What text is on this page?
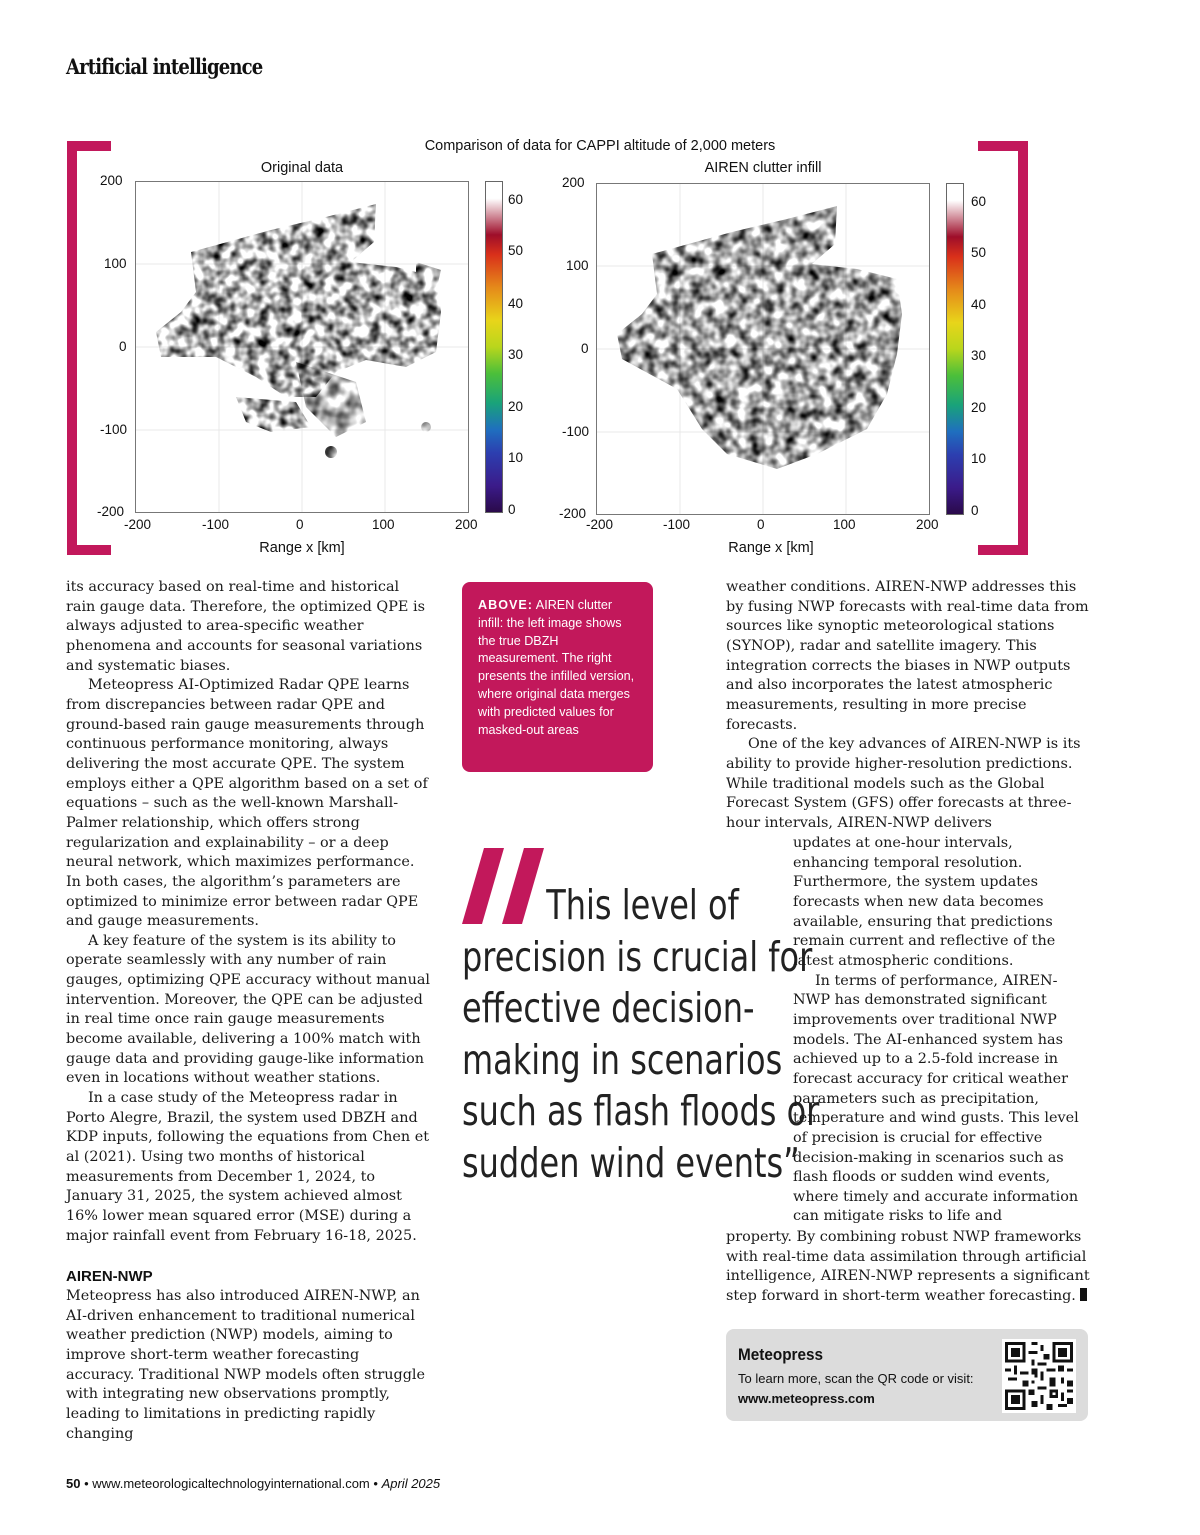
Artificial intelligence
Comparison of data for CAPPI altitude of 2,000 meters
Original data
200
100
0
-100
-200
-200	-100	0	100	200
Range x [km]
60
50
40
30
20
10
0
AIREN clutter infill
200
100
0
-100
-200
-200	-100	0	100	200
Range x [km]
60
50
40
30
20
10
0

its accuracy based on real-time and historical rain gauge data. Therefore, the optimized QPE is always adjusted to area-specific weather phenomena and accounts for seasonal variations and systematic biases.

Meteopress AI-Optimized Radar QPE learns from discrepancies between radar QPE and ground-based rain gauge measurements through continuous performance monitoring, always delivering the most accurate QPE. The system employs either a QPE algorithm based on a set of equations – such as the well-known Marshall-Palmer relationship, which offers strong regularization and explainability – or a deep neural network, which maximizes performance. In both cases, the algorithm’s parameters are optimized to minimize error between radar QPE and gauge measurements.

A key feature of the system is its ability to operate seamlessly with any number of rain gauges, optimizing QPE accuracy without manual intervention. Moreover, the QPE can be adjusted in real time once rain gauge measurements become available, delivering a 100% match with gauge data and providing gauge-like information even in locations without weather stations.

In a case study of the Meteopress radar in Porto Alegre, Brazil, the system used DBZH and KDP inputs, following the equations from Chen et al (2021). Using two months of historical measurements from December 1, 2024, to January 31, 2025, the system achieved almost 16% lower mean squared error (MSE) during a major rainfall event from February 16-18, 2025.

AIREN-NWP

Meteopress has also introduced AIREN-NWP, an AI-driven enhancement to traditional numerical weather prediction (NWP) models, aiming to improve short-term weather forecasting accuracy. Traditional NWP models often struggle with integrating new observations promptly, leading to limitations in predicting rapidly changing

ABOVE: AIREN clutter infill: the left image shows the true DBZH measurement. The right presents the infilled version, where original data merges with predicted values for masked-out areas
This level of
precision is crucial for
effective decision-
making in scenarios
such as flash floods or
sudden wind events”

weather conditions. AIREN-NWP addresses this by fusing NWP forecasts with real-time data from sources like synoptic meteorological stations (SYNOP), radar and satellite imagery. This integration corrects the biases in NWP outputs and also incorporates the latest atmospheric measurements, resulting in more precise forecasts.

One of the key advances of AIREN-NWP is its ability to provide higher-resolution predictions. While traditional models such as the Global Forecast System (GFS) offer forecasts at three-hour intervals, AIREN-NWP delivers

updates at one-hour intervals, enhancing temporal resolution. Furthermore, the system updates forecasts when new data becomes available, ensuring that predictions remain current and reflective of the latest atmospheric conditions.

In terms of performance, AIREN-NWP has demonstrated significant improvements over traditional NWP models. The AI-enhanced system has achieved up to a 2.5-fold increase in forecast accuracy for critical weather parameters such as precipitation, temperature and wind gusts. This level of precision is crucial for effective decision-making in scenarios such as flash floods or sudden wind events, where timely and accurate information can mitigate risks to life and

property. By combining robust NWP frameworks with real-time data assimilation through artificial intelligence, AIREN-NWP represents a significant step forward in short-term weather forecasting.

Meteopress
To learn more, scan the QR code or visit:
www.meteopress.com
50 • www.meteorologicaltechnologyinternational.com • April 2025
